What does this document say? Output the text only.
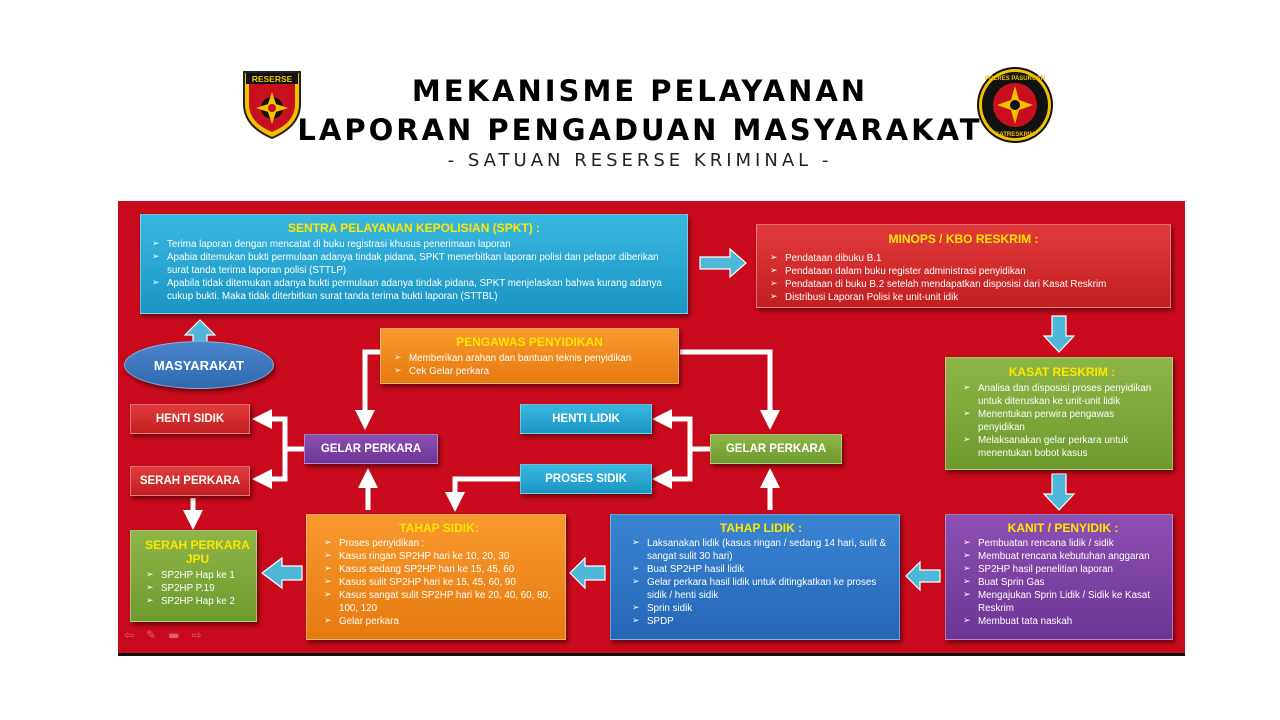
MEKANISME PELAYANAN
LAPORAN PENGADUAN MASYARAKAT
- SATUAN RESERSE KRIMINAL -
RESERSE	POLRES PASURUAN
SATRESKRIM
SENTRA PELAYANAN KEPOLISIAN (SPKT) :
➢ Terima laporan dengan mencatat di buku registrasi khusus penerimaan laporan
➢ Apabia ditemukan bukti permulaan adanya tindak pidana, SPKT menerbitkan laporan polisi dan pelapor diberikan surat tanda terima laporan polisi (STTLP)
➢ Apabila tidak ditemukan adanya bukti permulaan adanya tindak pidana, SPKT menjelaskan bahwa kurang adanya cukup bukti. Maka tidak diterbitkan surat tanda terima bukti laporan (STTBL)
MINOPS / KBO RESKRIM :
➢ Pendataan dibuku B.1
➢ Pendataan dalam buku register administrasi penyidikan
➢ Pendataan di buku B.2 setelah mendapatkan disposisi dari Kasat Reskrim
➢ Distribusi Laporan Polisi ke unit-unit idik
MASYARAKAT
PENGAWAS PENYIDIKAN
➢ Memberikan arahan dan bantuan teknis penyidikan
➢ Cek Gelar perkara	KASAT RESKRIM :
➢ Analisa dan disposisi proses penyidikan untuk diteruskan ke unit-unit lidik
➢ Menentukan perwira pengawas penyidikan
➢ Melaksanakan gelar perkara untuk menentukan bobot kasus
HENTI SIDIK
SERAH PERKARA
GELAR PERKARA
HENTI LIDIK
PROSES SIDIK
GELAR PERKARA
SERAH PERKARA JPU
➢ SP2HP Hap ke 1
➢ SP2HP P.19
➢ SP2HP Hap ke 2
TAHAP SIDIK:
➢ Proses penyidikan :
➢ Kasus ringan SP2HP hari ke 10, 20, 30
➢ Kasus sedang SP2HP hari ke 15, 45, 60
➢ Kasus sulit SP2HP hari ke 15, 45, 60, 90
➢ Kasus sangat sulit SP2HP hari ke 20, 40, 60, 80, 100, 120
➢ Gelar perkara
TAHAP LIDIK :
➢ Laksanakan lidik (kasus ringan / sedang 14 hari, sulit & sangat sulit 30 hari)
➢ Buat SP2HP hasil lidik
➢ Gelar perkara hasil lidik untuk ditingkatkan ke proses sidik / henti sidik
➢ Sprin sidik
➢ SPDP
KANIT / PENYIDIK :
➢ Pembuatan rencana lidik / sidik
➢ Membuat rencana kebutuhan anggaran
➢ SP2HP hasil penelitian laporan
➢ Buat Sprin Gas
➢ Mengajukan Sprin Lidik / Sidik ke Kasat Reskrim
➢ Membuat tata naskah
⇦ ✎ ▬ ⇨
